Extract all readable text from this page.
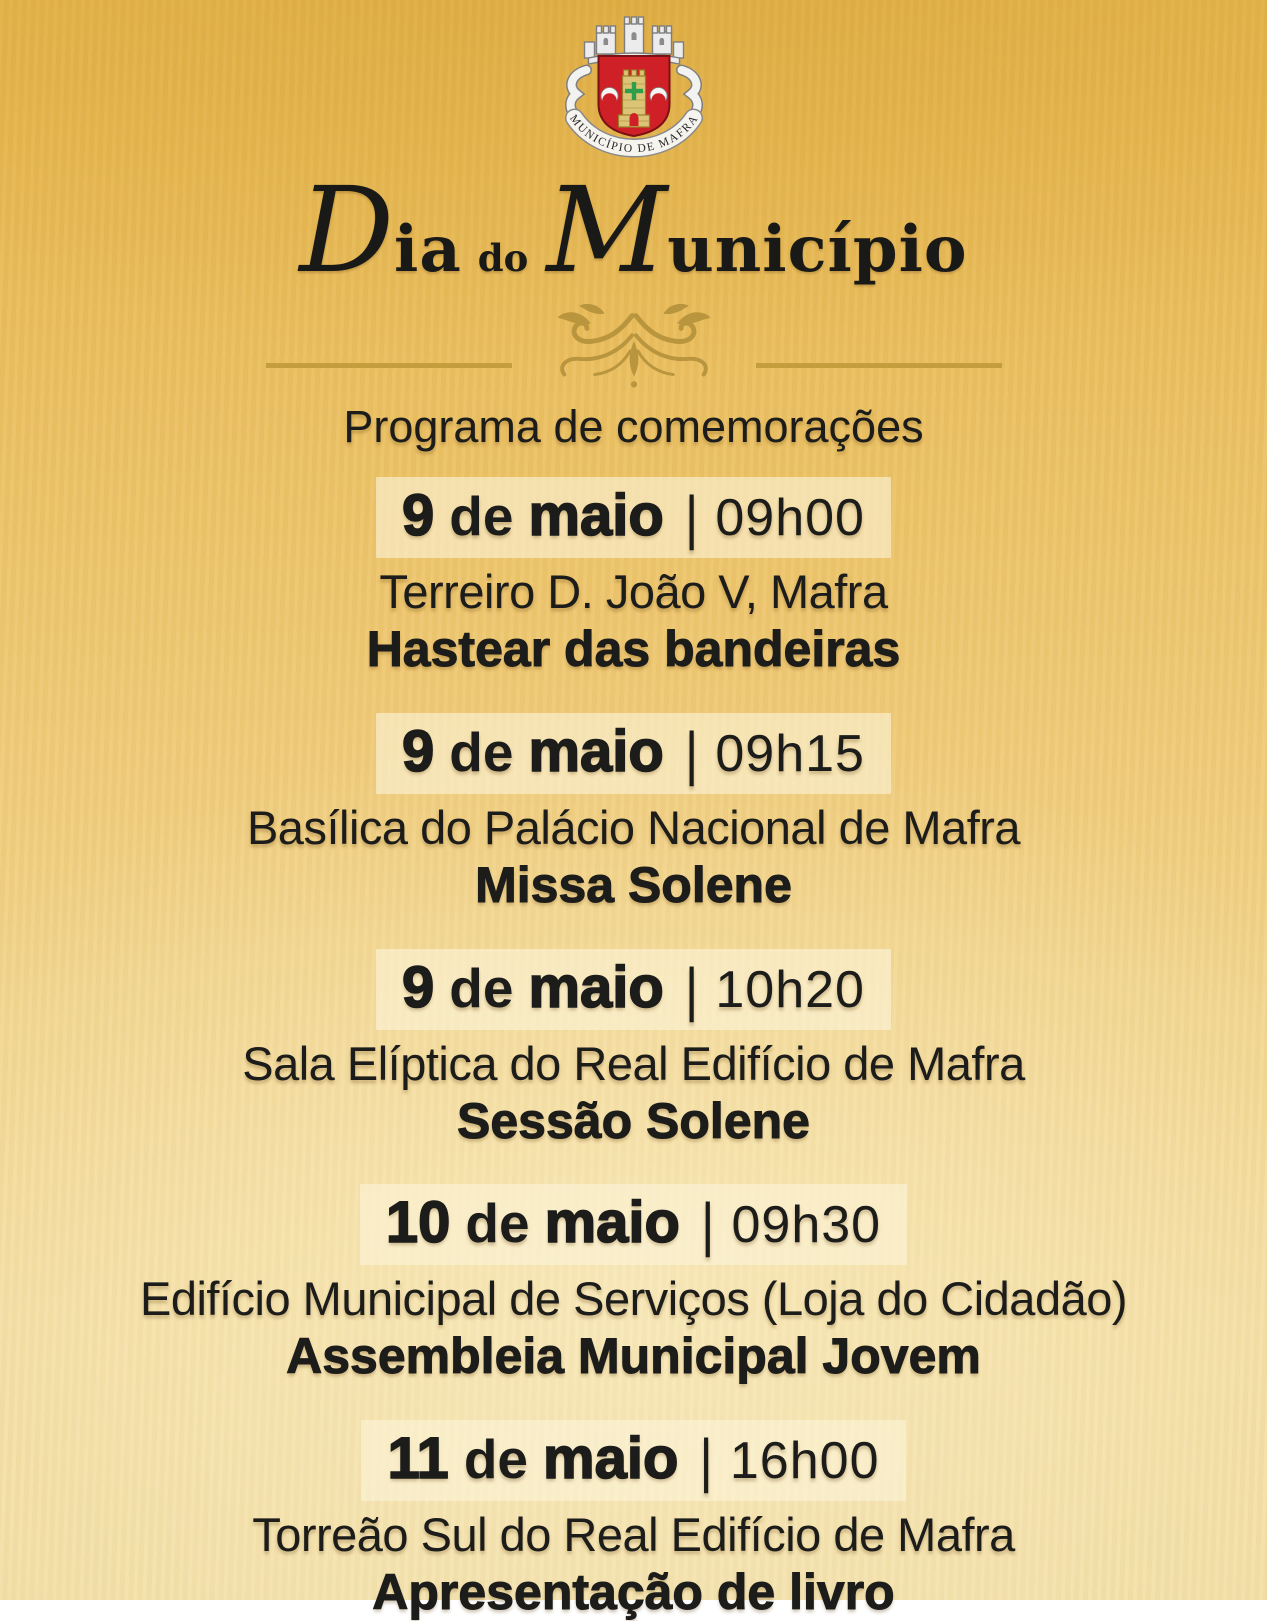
MUNICÍPIO DE MAFRA
D ia do M unicípio
Programa de comemorações
9 de maio | 09h00
Terreiro D. João V, Mafra
Hastear das bandeiras
9 de maio | 09h15
Basílica do Palácio Nacional de Mafra
Missa Solene
9 de maio | 10h20
Sala Elíptica do Real Edifício de Mafra
Sessão Solene
10 de maio | 09h30
Edifício Municipal de Serviços (Loja do Cidadão)
Assembleia Municipal Jovem
11 de maio | 16h00
Torreão Sul do Real Edifício de Mafra
Apresentação de livro
